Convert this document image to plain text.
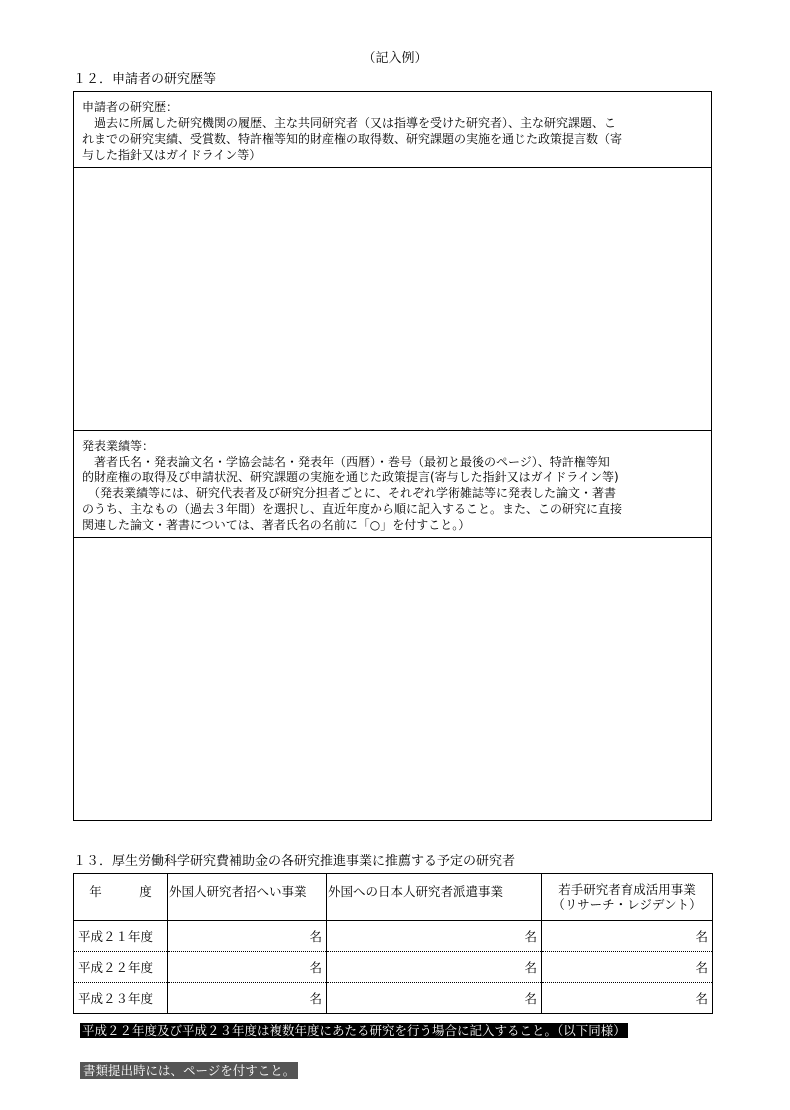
（記入例）
１２．申請者の研究歴等
申請者の研究歴：
　過去に所属した研究機関の履歴、主な共同研究者（又は指導を受けた研究者）、主な研究課題、こ
れまでの研究実績、受賞数、特許権等知的財産権の取得数、研究課題の実施を通じた政策提言数（寄
与した指針又はガイドライン等）
発表業績等：
　著者氏名・発表論文名・学協会誌名・発表年（西暦）・巻号（最初と最後のページ）、特許権等知
的財産権の取得及び申請状況、研究課題の実施を通じた政策提言(寄与した指針又はガイドライン等)
　（発表業績等には、研究代表者及び研究分担者ごとに、それぞれ学術雑誌等に発表した論文・著書
のうち、主なもの（過去３年間）を選択し、直近年度から順に記入すること。また、この研究に直接
関連した論文・著書については、著者氏名の名前に「○」を付すこと。）
１３．厚生労働科学研究費補助金の各研究推進事業に推薦する予定の研究者
年　　　度	外国人研究者招へい事業	外国への日本人研究者派遣事業	若手研究者育成活用事業
（リサーチ・レジデント）

平成２１年度	名	名	名
平成２２年度	名	名	名
平成２３年度	名	名	名
平成２２年度及び平成２３年度は複数年度にあたる研究を行う場合に記入すること。（以下同様）
書類提出時には、ページを付すこと。
